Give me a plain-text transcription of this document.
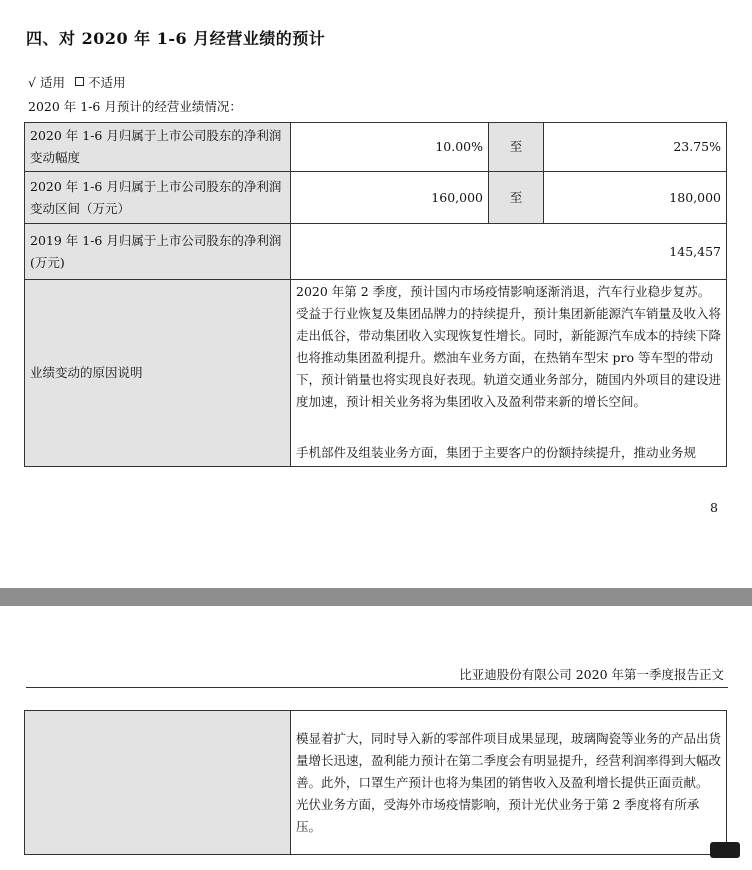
四、对 2020 年 1-6 月经营业绩的预计
√ 适用 不适用
2020 年 1-6 月预计的经营业绩情况：
2020 年 1-6 月归属于上市公司股东的净利润变动幅度	10.00%	至	23.75%
2020 年 1-6 月归属于上市公司股东的净利润变动区间（万元）	160,000	至	180,000
2019 年 1-6 月归属于上市公司股东的净利润(万元)	145,457		
业绩变动的原因说明	2020 年第 2 季度，预计国内市场疫情影响逐渐消退，汽车行业稳步复苏。受益于行业恢复及集团品牌力的持续提升，预计集团新能源汽车销量及收入将走出低谷，带动集团收入实现恢复性增长。同时，新能源汽车成本的持续下降也将推动集团盈利提升。燃油车业务方面，在热销车型宋 pro 等车型的带动下，预计销量也将实现良好表现。轨道交通业务部分，随国内外项目的建设进度加速，预计相关业务将为集团收入及盈利带来新的增长空间。
手机部件及组装业务方面，集团于主要客户的份额持续提升，推动业务规		
8
比亚迪股份有限公司 2020 年第一季度报告正文

模显着扩大，同时导入新的零部件项目成果显现，玻璃陶瓷等业务的产品出货量增长迅速，盈利能力预计在第二季度会有明显提升，经营利润率得到大幅改善。此外，口罩生产预计也将为集团的销售收入及盈利增长提供正面贡献。
光伏业务方面，受海外市场疫情影响，预计光伏业务于第 2 季度将有所承压。
